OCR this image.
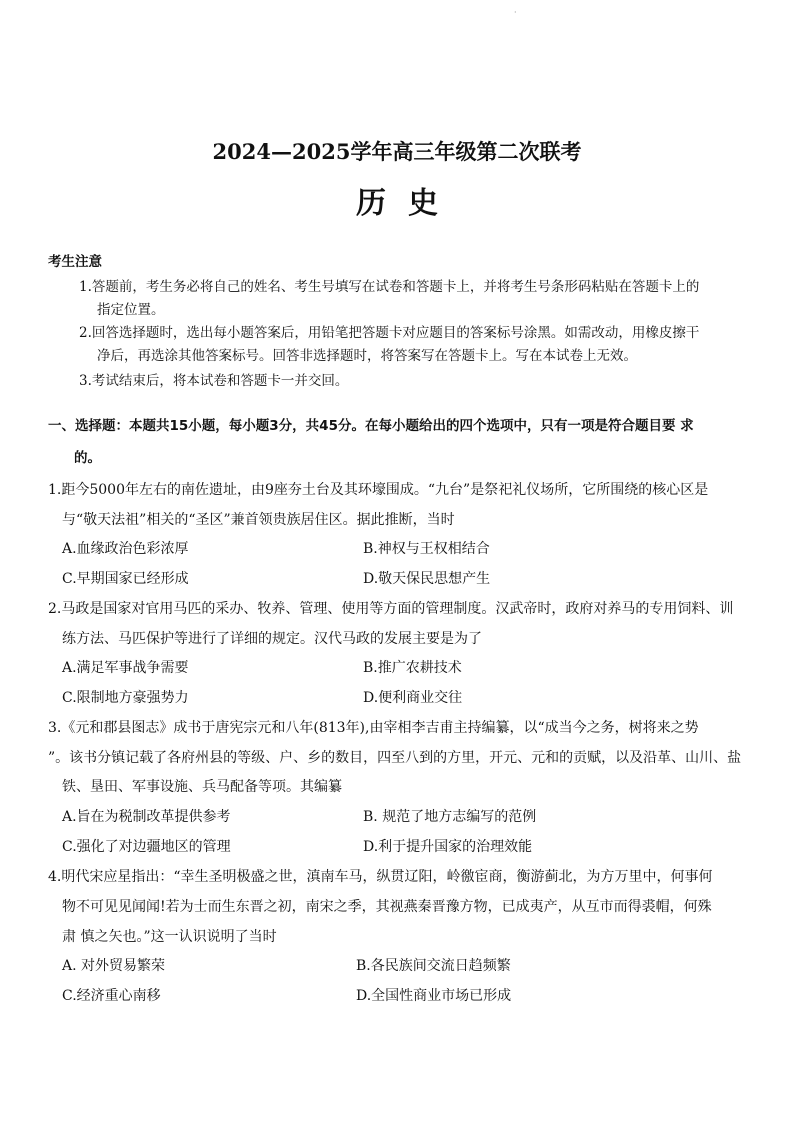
·
2024—2025学年高三年级第二次联考
历史
考生注意
1.答题前，考生务必将自己的姓名、考生号填写在试卷和答题卡上，并将考生号条形码粘贴在答题卡上的
指定位置。
2.回答选择题时，选出每小题答案后，用铅笔把答题卡对应题目的答案标号涂黑。如需改动，用橡皮擦干
净后，再选涂其他答案标号。回答非选择题时，将答案写在答题卡上。写在本试卷上无效。
3.考试结束后，将本试卷和答题卡一并交回。
一、选择题：本题共15小题，每小题3分，共45分。在每小题给出的四个选项中，只有一项是符合题目要 求
的。
1.距今5000年左右的南佐遗址，由9座夯土台及其环壕围成。“九台”是祭祀礼仪场所，它所围绕的核心区是
与“敬天法祖”相关的“圣区”兼首领贵族居住区。据此推断，当时
A.血缘政治色彩浓厚	B.神权与王权相结合
C.早期国家已经形成	D.敬天保民思想产生
2.马政是国家对官用马匹的采办、牧养、管理、使用等方面的管理制度。汉武帝时，政府对养马的专用饲料、训
练方法、马匹保护等进行了详细的规定。汉代马政的发展主要是为了
A.满足军事战争需要	B.推广农耕技术
C.限制地方豪强势力	D.便利商业交往
3.《元和郡县图志》成书于唐宪宗元和八年(813年),由宰相李吉甫主持编纂，以“成当今之务，树将来之势
”。该书分镇记载了各府州县的等级、户、乡的数目，四至八到的方里，开元、元和的贡赋，以及沿革、山川、盐
铁、垦田、军事设施、兵马配备等项。其编纂
A.旨在为税制改革提供参考	B. 规范了地方志编写的范例
C.强化了对边疆地区的管理	D.利于提升国家的治理效能
4.明代宋应星指出：“幸生圣明极盛之世，滇南车马，纵贯辽阳，岭徼宦商，衡游蓟北，为方万里中，何事何
物不可见见闻闻!若为士而生东晋之初，南宋之季，其视燕秦晋豫方物，已成夷产，从互市而得裘帽，何殊
肃 慎之矢也。”这一认识说明了当时
A. 对外贸易繁荣	B.各民族间交流日趋频繁
C.经济重心南移	D.全国性商业市场已形成
